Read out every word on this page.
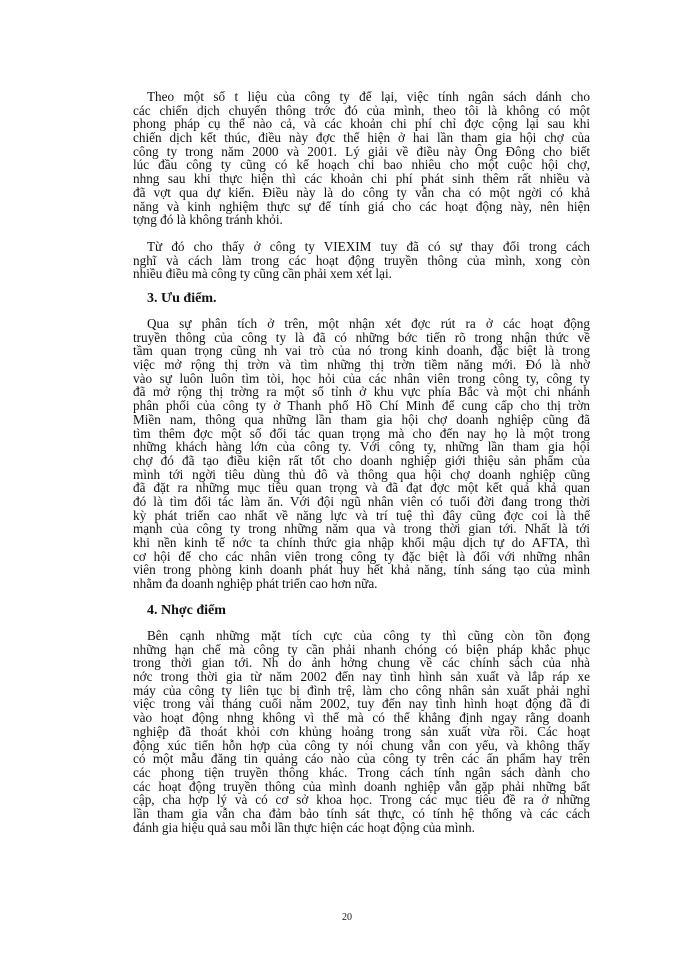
Theo một số t liệu của công ty để lại, việc tính ngân sách dánh cho
các chiến dịch chuyển thông trớc đó của mình, theo tôi là không có một
phong pháp cụ thể nào cả, và các khoản chi phí chỉ đợc cộng lại sau khi
chiến dịch kết thúc, điều này đợc thể hiện ở hai lần tham gia hội chợ của
công ty trong năm 2000 và 2001. Lý giải về điều này Ông Đông cho biết
lúc đầu công ty cũng có kế hoạch chi bao nhiêu cho một cuộc hội chợ,
nhng sau khi thực hiện thì các khoản chi phí phát sinh thêm rất nhiều và
đã vợt qua dự kiến. Điều này là do công ty vẫn cha có một ngời có khả
năng và kinh nghiệm thực sự để tính giá cho các hoạt động này, nên hiện
tợng đó là không tránh khỏi.
Từ đó cho thấy ở công ty VIEXIM tuy đã có sự thay đổi trong cách
nghĩ và cách làm trong các hoạt động truyền thông của mình, xong còn
nhiều điều mà công ty cũng cần phải xem xét lại.
3. Ưu điểm.
Qua sự phân tích ở trên, một nhận xét đợc rút ra ở các hoạt động
truyền thông của công ty là đã có những bớc tiến rõ trong nhận thức về
tầm quan trọng cũng nh vai trò của nó trong kinh doanh, đặc biệt là trong
việc mở rộng thị trờn và tìm những thị trờn tiềm năng mới. Đó là nhờ
vào sự luôn luôn tìm tòi, học hỏi của các nhân viên trong công ty, công ty
đã mở rộng thị trờng ra một số tỉnh ở khu vực phía Bắc và một chi nhánh
phân phối của công ty ở Thanh phố Hồ Chí Minh để cung cấp cho thị trờn
Miền nam, thông qua những lần tham gia hội chợ doanh nghiệp cũng đã
tìm thêm đợc một số đối tác quan trọng mà cho đến nay họ là một trong
những khách hàng lớn của công ty. Với công ty, những lần tham gia hội
chợ đó đã tạo điều kiện rất tốt cho doanh nghiệp giới thiệu sản phẩm của
mình tới ngời tiêu dùng thủ đô và thông qua hội chợ doanh nghiệp cũng
đã đặt ra những mục tiêu quan trọng và đã đạt đợc một kết quả khả quan
đó là tìm đối tác làm ăn. Với đội ngũ nhân viên có tuổi đời đang trong thời
kỳ phát triển cao nhất về năng lực và trí tuệ thì đây cũng đợc coi là thế
mạnh của công ty trong những năm qua và trong thời gian tới. Nhất là tới
khi nền kinh tế nớc ta chính thức gia nhập khối mậu dịch tự do AFTA, thì
cơ hội để cho các nhân viên trong công ty đặc biệt là đối với những nhân
viên trong phòng kinh doanh phát huy hết khả năng, tính sáng tạo của mình
nhằm đa doanh nghiệp phát triển cao hơn nữa.
4. Nhợc điểm
Bên cạnh những mặt tích cực của công ty thì cũng còn tồn đọng
những hạn chế mà công ty cần phải nhanh chóng có biện pháp khắc phục
trong thời gian tới. Nh do ảnh hởng chung về các chính sách của nhà
nớc trong thời gia từ năm 2002 đến nay tình hình sản xuất và lắp ráp xe
máy của công ty liên tục bị đình trệ, làm cho công nhân sản xuất phải nghỉ
việc trong vài tháng cuối năm 2002, tuy đến nay tình hình hoạt động đã đi
vào hoạt động nhng không vì thế mà có thể khẳng định ngay rằng doanh
nghiệp đã thoát khỏi cơn khủng hoảng trong sản xuất vừa rồi. Các hoạt
động xúc tiến hỗn hợp của công ty nói chung vẫn con yếu, và không thấy
có một mẫu đăng tin quảng cáo nào của công ty trên các ấn phẩm hay trên
các phong tiện truyền thông khác. Trong cách tính ngân sách dành cho
các hoạt động truyền thông của mình doanh nghiệp vẫn gặp phải những bất
cập, cha hợp lý và có cơ sở khoa học. Trong các mục tiêu đề ra ở những
lần tham gia vẫn cha đảm bảo tính sát thực, có tính hệ thống và các cách
đánh gia hiệu quả sau mỗi lần thực hiện các hoạt động của mình.
20
